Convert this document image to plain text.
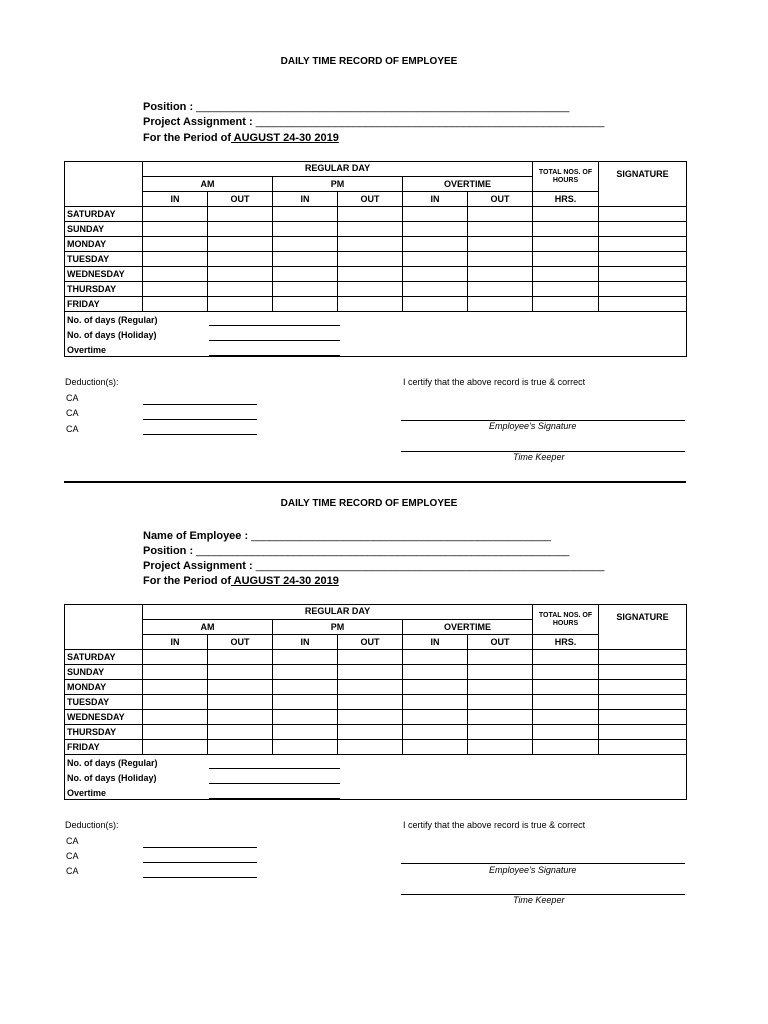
DAILY TIME RECORD OF EMPLOYEE
Position : _____________________________________________________________
Project Assignment : _________________________________________________________
For the Period of AUGUST 24-30 2019
	REGULAR DAY						TOTAL NOS. OF HOURS	SIGNATURE
	AM		PM		OVERTIME			
	IN	OUT	IN	OUT	IN	OUT	HRS.	
SATURDAY								
SUNDAY								
MONDAY								
TUESDAY								
WEDNESDAY								
THURSDAY								
FRIDAY								

No. of days (Regular)
No. of days (Holiday)
Overtime								
Deduction(s):
CA
CA
CA
I certify that the above record is true & correct
Employee’s Signature
Time Keeper
DAILY TIME RECORD OF EMPLOYEE
Name of Employee : _________________________________________________
Position : _____________________________________________________________
Project Assignment : _________________________________________________________
For the Period of AUGUST 24-30 2019
	REGULAR DAY						TOTAL NOS. OF HOURS	SIGNATURE
	AM		PM		OVERTIME			
	IN	OUT	IN	OUT	IN	OUT	HRS.	
SATURDAY								
SUNDAY								
MONDAY								
TUESDAY								
WEDNESDAY								
THURSDAY								
FRIDAY								

No. of days (Regular)
No. of days (Holiday)
Overtime								
Deduction(s):
CA
CA
CA
I certify that the above record is true & correct
Employee’s Signature
Time Keeper
